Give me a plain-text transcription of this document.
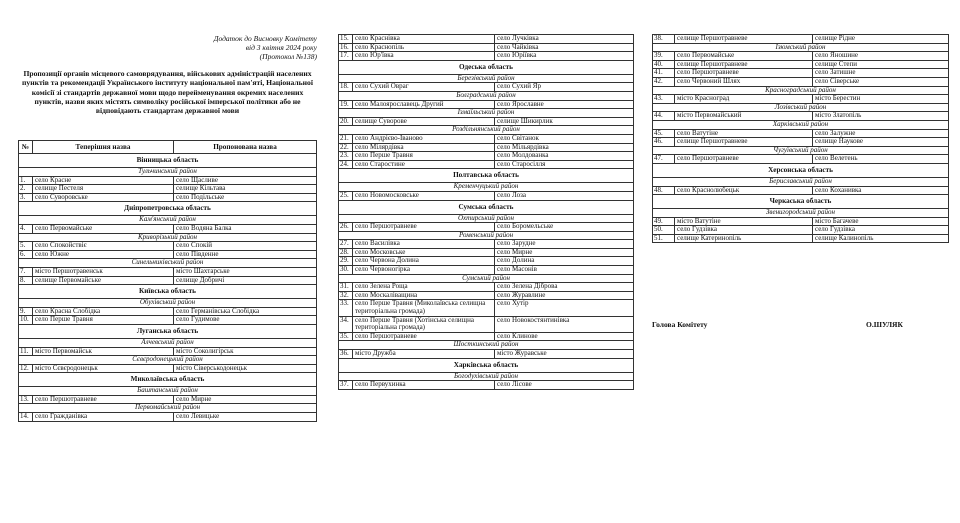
Додаток до Висновку Комітету
від 3 квітня 2024 року
(Протокол №138)
Пропозиції органів місцевого самоврядування, військових адміністрацій населених пунктів та рекомендації Українського інституту національної пам'яті, Національної комісії зі стандартів державної мови щодо перейменування окремих населених пунктів, назви яких містять символіку російської імперської політики або не відповідають стандартам державної мови
№	Теперішня назва	Пропонована назва
Вінницька область		
Тульчинський район		
1.	село Красне	село Щасливе
2.	селище Пестеля	селище Кільтава
3.	село Суворовське	село Подільське
Дніпропетровська область		
Кам'янський район		
4.	село Первомайське	село Водяна Балка
Криворізький район		
5.	село Спокойствіє	село Спокій
6.	село Южне	село Південне
Синельниківський район		
7.	місто Першотравенськ	місто Шахтарське
8.	селище Первомайське	селище Добричі
Київська область		
Обухівський район		
9.	село Красна Слобідка	село Германівська Слобідка
10.	село Перше Травня	село Гудимове
Луганська область		
Алчевський район		
11.	місто Первомайськ	місто Соколигірськ
Сєвєродонецький район		
12.	місто Сєвєродонецьк	місто Сіверськодонецьк
Миколаївська область		
Баштанський район		
13.	село Першотравневе	село Мирне
Первомайський район		
14.	село Гражданівка	село Левицьке
15.	село Краснівка	село Лучківка
16.	село Краснопіль	село Чайківка
17.	село Юр'ївка	село Юріївка
Одеська область		
Березівський район		
18.	село Сухий Овраг	село Сухий Яр
Болградський район		
19.	село Малоярославець Другий	село Ярославне
Ізмаїльський район		
20.	селище Суворове	селище Шикирлик
Роздільнянський район		
21.	село Андрієво-Іваново	село Світанок
22.	село Мілярдівка	село Мільярдівка
23.	село Перше Травня	село Молдованка
24.	село Старостине	село Старосілля
Полтавська область		
Кременчуцький район		
25.	село Новомосковське	село Лоза
Сумська область		
Охтирський район		
26.	село Першотравневе	село Боромельське
Роменський район		
27.	село Василівка	село Зарудне
28.	село Московське	село Мирне
29.	село Червона Долина	село Долина
30.	село Червоногірка	село Масонів
Сумський район		
31.	село Зелена Роща	село Зелена Діброва
32.	село Москаліващина	село Журавлине
33.	село Перше Травня (Миколаївська селищна територіальна громада)	село Хутір
34.	село Перше Травня (Хотінська селищна територіальна громада)	село Новокостянтинівка
35.	село Першотравневе	село Клинове
Шосткинський район		
36.	місто Дружба	місто Журавське
Харківська область		
Богодухівський район		
37.	село Первухинка	село Лісове
38.	селище Першотравневе	селище Рідне
Ізюмський район		
39.	село Первомайське	село Яношине
40.	селище Першотравневе	селище Степи
41.	село Першотравневе	село Затишне
42.	село Червоний Шлях	село Сіверське
Красноградський район		
43.	місто Красноград	місто Берестин
Лозівський район		
44.	місто Первомайський	місто Златопіль
Харківський район		
45.	село Ватутіне	село Залужне
46.	селище Першотравневе	селище Наукове
Чугуївський район		
47.	село Першотравневе	село Велетень
Херсонська область		
Бериславський район		
48.	село Краснолюбецьк	село Коханивка
Черкаська область		
Звенигородський район		
49.	місто Ватутіне	місто Багачеве
50.	село Гудзівка	село Гудзівка
51.	селище Катеринопіль	селище Калинопіль
Голова Комітету	О.ШУЛЯК
